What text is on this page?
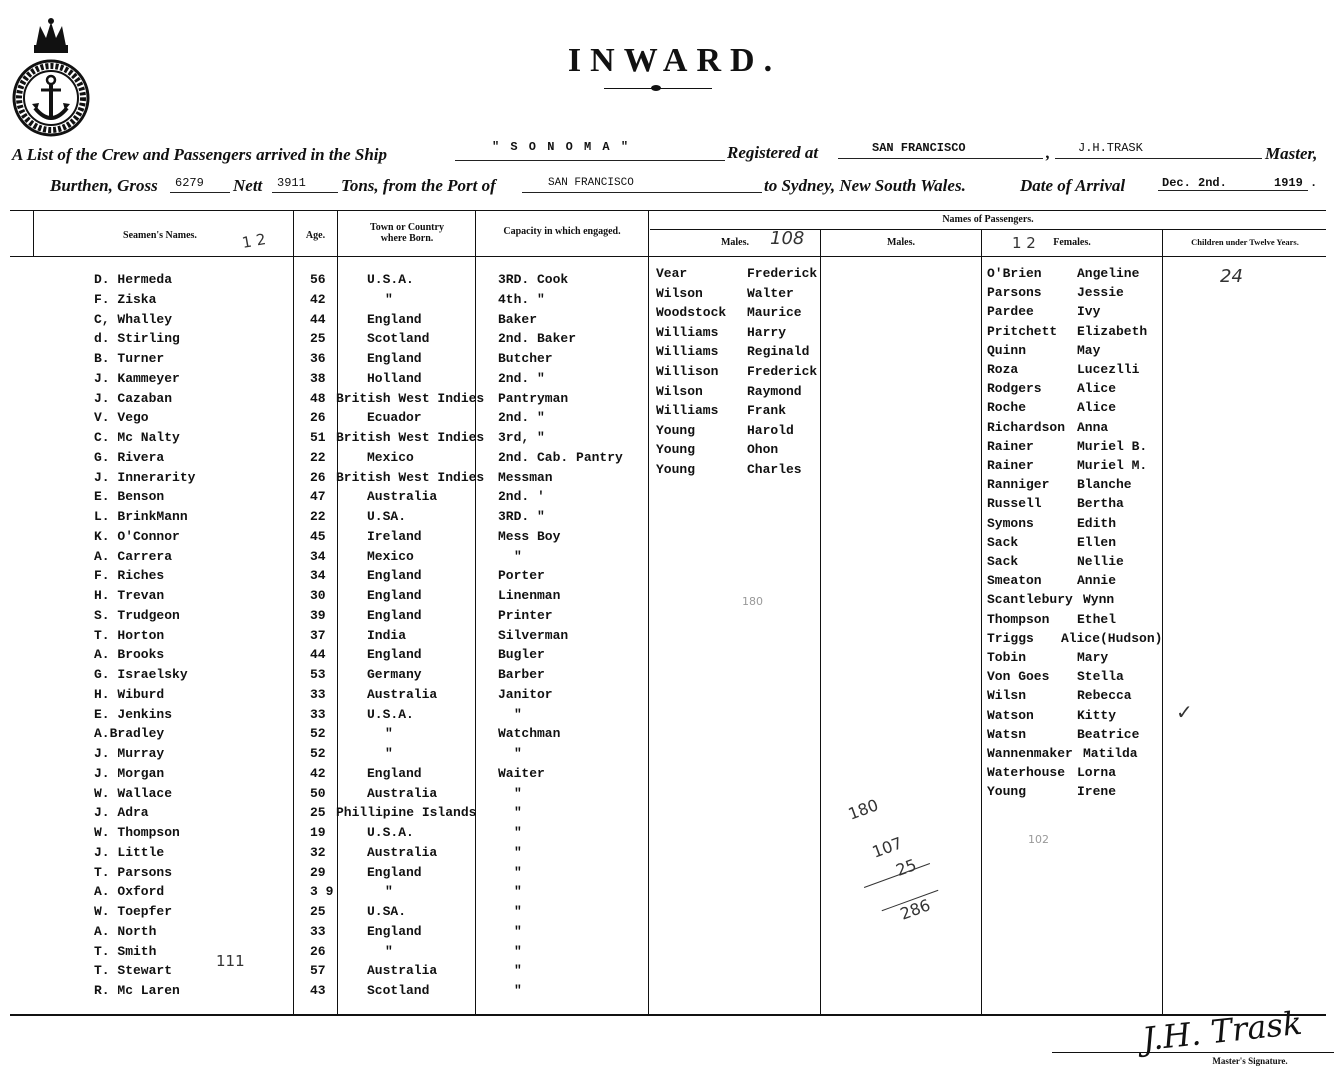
INWARD.
A List of the Crew and Passengers arrived in the Ship	" S O N O M A "	Registered at	SAN FRANCISCO	, J.H.TRASK	Master,
Burthen, Gross 6279 Nett 3911 Tons, from the Port of	SAN FRANCISCO	to Sydney, New South Wales.	Date of Arrival	Dec. 2nd.	1919 .
Seamen's Names.	Age.
Town or Country where Born.
Capacity in which engaged.
Names of Passengers.
Males.	Males.	Females.	Children under Twelve Years.
D. Hermeda	56	U.S.A.	3RD. Cook
F. Ziska	42	"	4th. "
C, Whalley	44	England	Baker
d. Stirling	25	Scotland	2nd. Baker
B. Turner	36	England	Butcher
J. Kammeyer	38	Holland	2nd. "
J. Cazaban	48 British West Indies Pantryman
V. Vego	26	Ecuador	2nd. "
C. Mc Nalty	51 British West Indies 3rd, "
G. Rivera	22	Mexico	2nd. Cab. Pantry
J. Innerarity	26 British West Indies Messman
E. Benson	47	Australia	2nd. '
L. BrinkMann	22	U.SA.	3RD. "
K. O'Connor	45	Ireland	Mess Boy
A. Carrera	34	Mexico	"
F. Riches	34	England	Porter
H. Trevan	30	England	Linenman
S. Trudgeon	39	England	Printer
T. Horton	37	India	Silverman
A. Brooks	44	England	Bugler
G. Israelsky	53	Germany	Barber
H. Wiburd	33	Australia	Janitor
E. Jenkins	33	U.S.A.	"
A.Bradley	52	"	Watchman
J. Murray	52	"	"
J. Morgan	42	England	Waiter
W. Wallace	50	Australia	"
J. Adra	25 Phillipine Islands	"
W. Thompson	19	U.S.A.	"
J. Little	32	Australia	"
T. Parsons	29	England	"
A. Oxford	3 9	"	"
W. Toepfer	25	U.SA.	"
A. North	33	England	"
T. Smith	26	"	"
T. Stewart	57	Australia	"
R. Mc Laren	43	Scotland	"
Vear	Frederick
Wilson	Walter
Woodstock Maurice
Williams Harry
Williams Reginald
Willison Frederick
Wilson	Raymond
Williams Frank
Young	Harold
Young	Ohon
Young	Charles
O'Brien	Angeline
Parsons	Jessie
Pardee	Ivy
Pritchett Elizabeth
Quinn	May
Roza	Lucezlli
Rodgers	Alice
Roche	Alice
Richardson Anna
Rainer	Muriel B.
Rainer	Muriel M.
Ranniger Blanche
Russell	Bertha
Symons	Edith
Sack	Ellen
Sack	Nellie
Smeaton	Annie
Scantlebury Wynn
Thompson Ethel
Triggs Alice(Hudson)
Tobin	Mary
Von Goes Stella
Wilsn	Rebecca
Watson	Kitty
Watsn	Beatrice
Wannenmaker Matilda
Waterhouse Lorna
Young	Irene
1 2	108	1 2
24
180
✓
180
107
25
286
102
111
J.H. Trask
Master's Signature.
